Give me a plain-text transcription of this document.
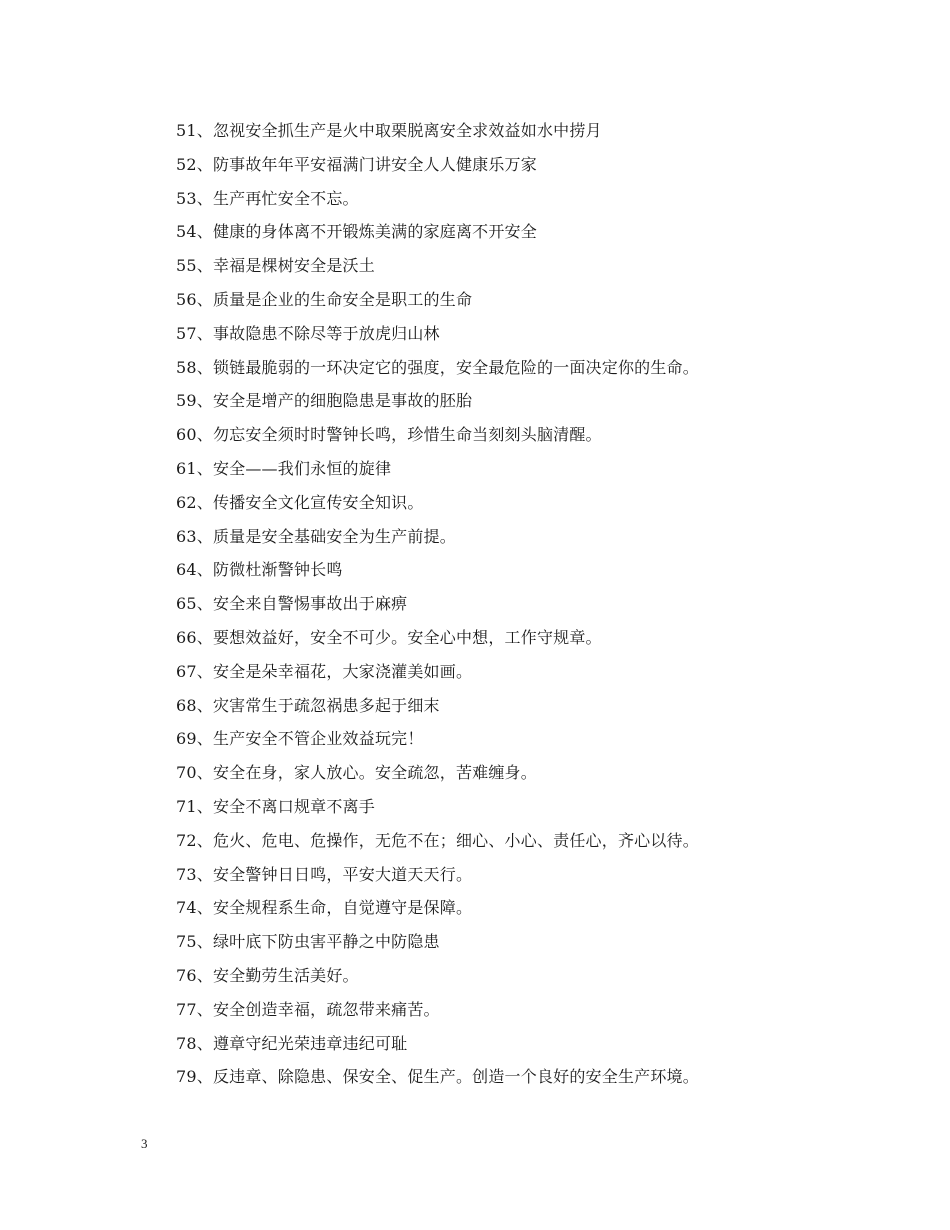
51、忽视安全抓生产是火中取栗脱离安全求效益如水中捞月
52、防事故年年平安福满门讲安全人人健康乐万家
53、生产再忙安全不忘。
54、健康的身体离不开锻炼美满的家庭离不开安全
55、幸福是棵树安全是沃土
56、质量是企业的生命安全是职工的生命
57、事故隐患不除尽等于放虎归山林
58、锁链最脆弱的一环决定它的强度，安全最危险的一面决定你的生命。
59、安全是增产的细胞隐患是事故的胚胎
60、勿忘安全须时时警钟长鸣，珍惜生命当刻刻头脑清醒。
61、安全——我们永恒的旋律
62、传播安全文化宣传安全知识。
63、质量是安全基础安全为生产前提。
64、防微杜渐警钟长鸣
65、安全来自警惕事故出于麻痹
66、要想效益好，安全不可少。安全心中想，工作守规章。
67、安全是朵幸福花，大家浇灌美如画。
68、灾害常生于疏忽祸患多起于细末
69、生产安全不管企业效益玩完！
70、安全在身，家人放心。安全疏忽，苦难缠身。
71、安全不离口规章不离手
72、危火、危电、危操作，无危不在；细心、小心、责任心，齐心以待。
73、安全警钟日日鸣，平安大道天天行。
74、安全规程系生命，自觉遵守是保障。
75、绿叶底下防虫害平静之中防隐患
76、安全勤劳生活美好。
77、安全创造幸福，疏忽带来痛苦。
78、遵章守纪光荣违章违纪可耻
79、反违章、除隐患、保安全、促生产。创造一个良好的安全生产环境。
3
